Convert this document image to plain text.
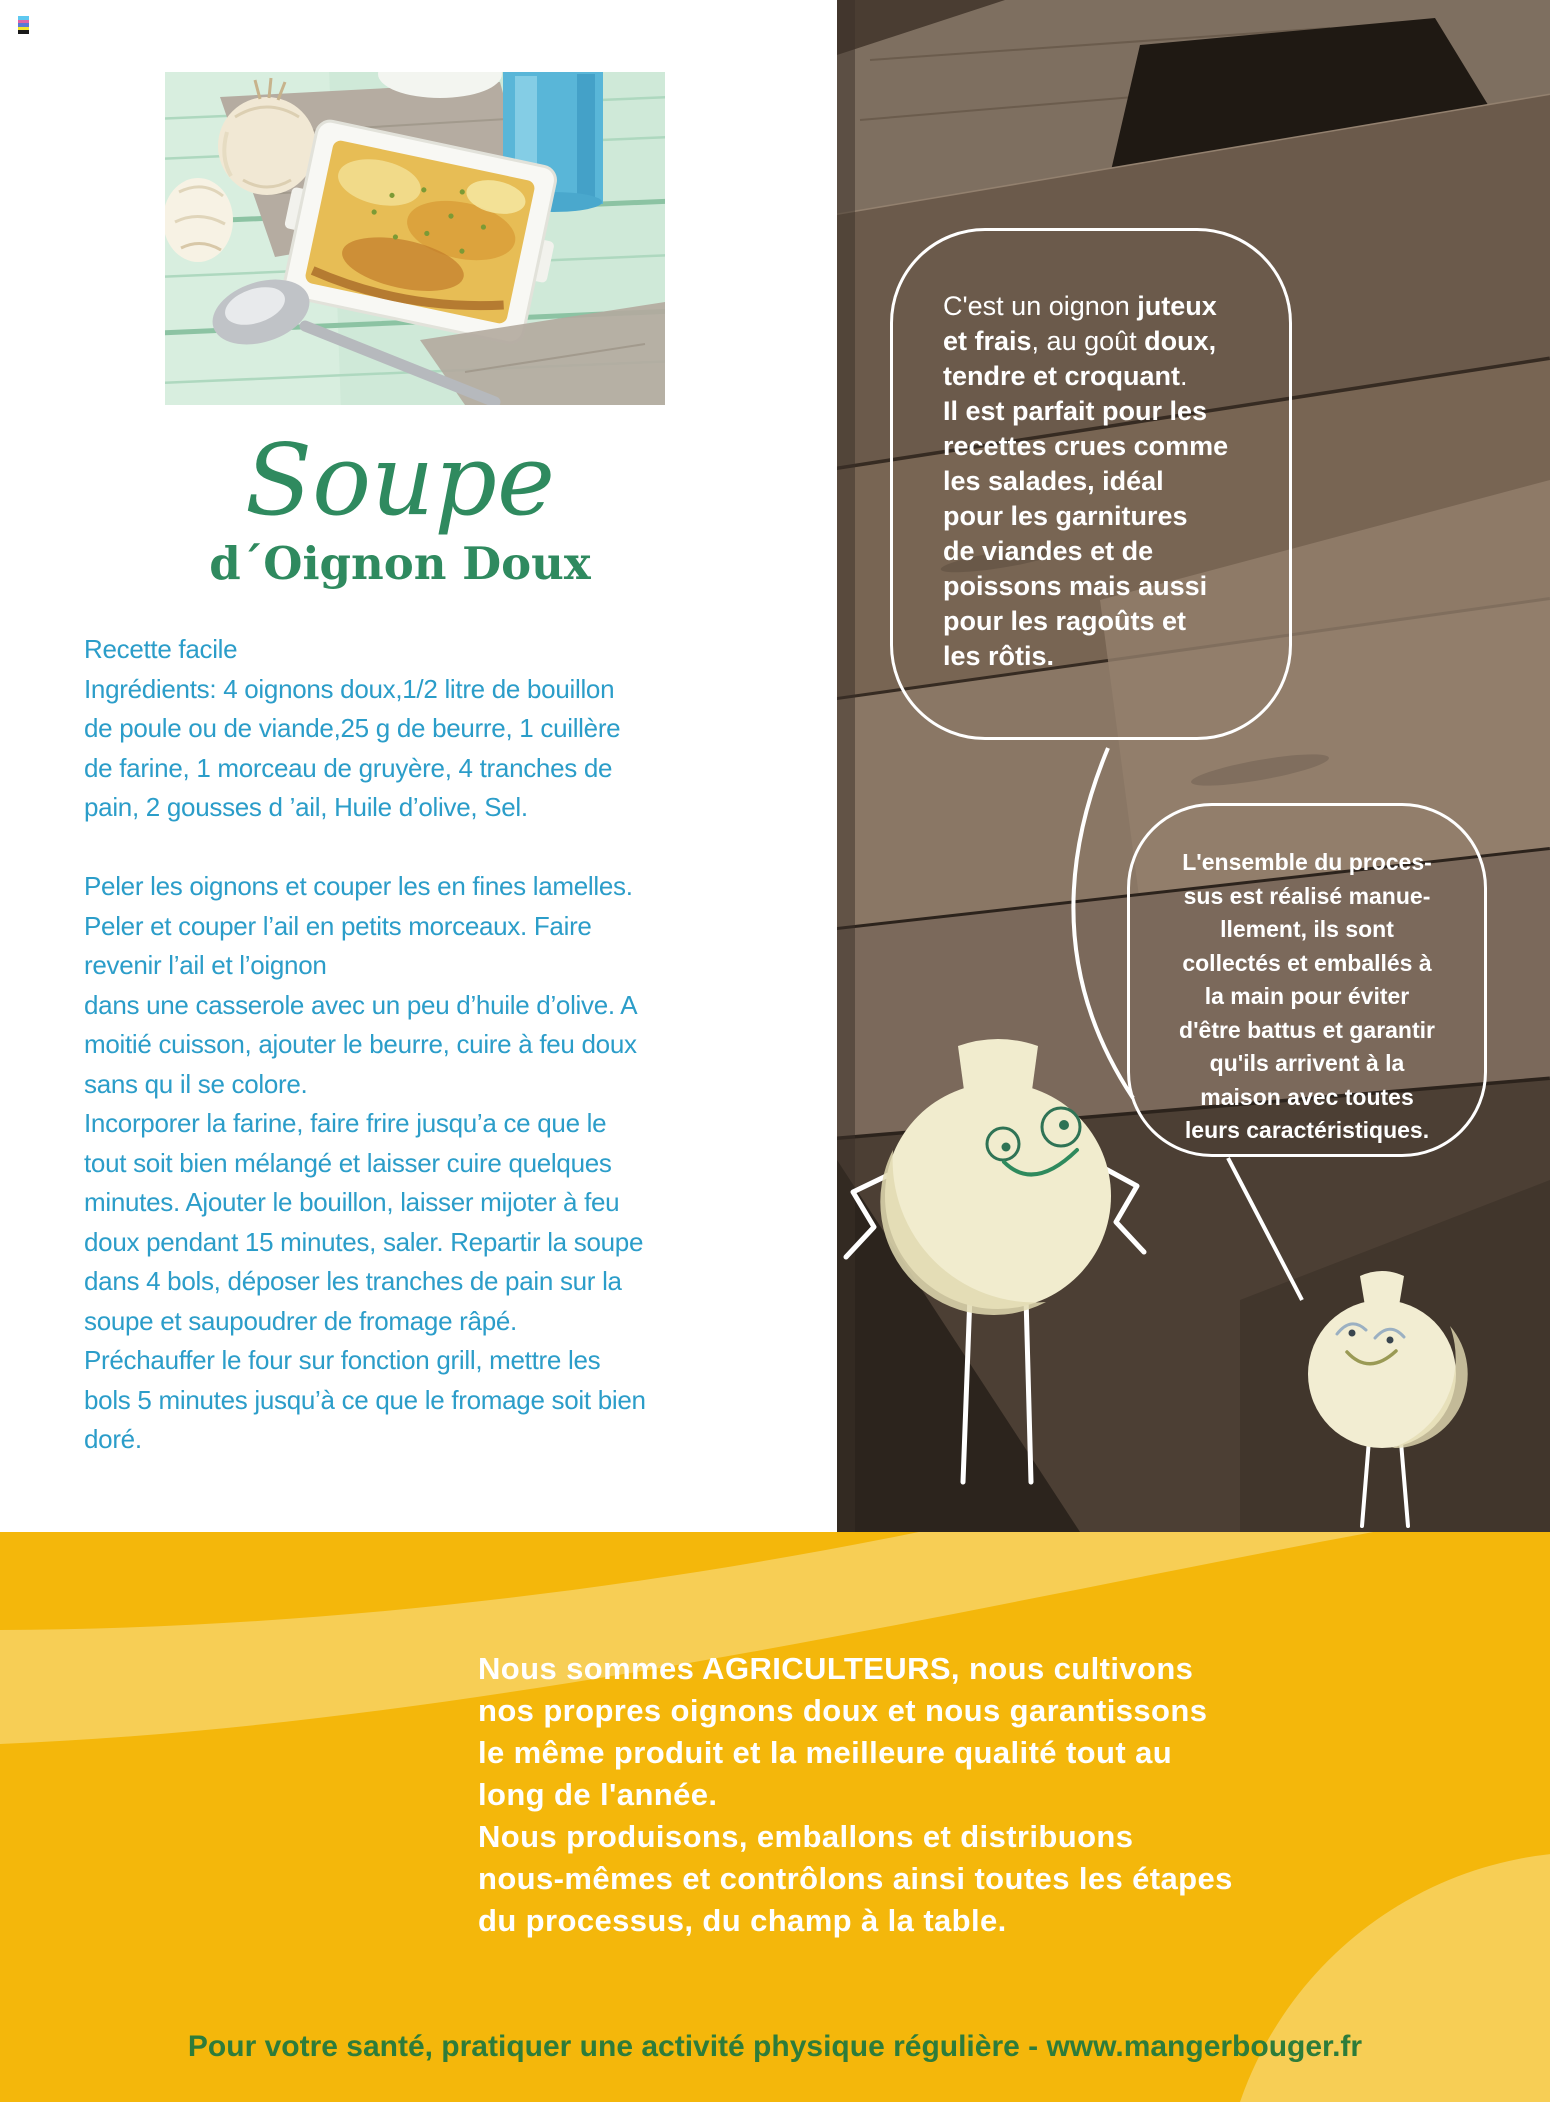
Soupe
d´Oignon Doux
Recette facile
Ingrédients: 4 oignons doux,1/2 litre de bouillon
de poule ou de viande,25 g de beurre, 1 cuillère
de farine, 1 morceau de gruyère, 4 tranches de
pain, 2 gousses d ’ail, Huile d’olive, Sel.

Peler les oignons et couper les en fines lamelles.
Peler et couper l’ail en petits morceaux. Faire
revenir l’ail et l’oignon
dans une casserole avec un peu d’huile d’olive. A
moitié cuisson, ajouter le beurre, cuire à feu doux
sans qu il se colore.
Incorporer la farine, faire frire jusqu’a ce que le
tout soit bien mélangé et laisser cuire quelques
minutes. Ajouter le bouillon, laisser mijoter à feu
doux pendant 15 minutes, saler. Repartir la soupe
dans 4 bols, déposer les tranches de pain sur la
soupe et saupoudrer de fromage râpé.
Préchauffer le four sur fonction grill, mettre les
bols 5 minutes jusqu’à ce que le fromage soit bien
doré.
C'est un oignon juteux
et frais, au goût doux,
tendre et croquant.
Il est parfait pour les
recettes crues comme
les salades, idéal
pour les garnitures
de viandes et de
poissons mais aussi
pour les ragoûts et
les rôtis.
L'ensemble du proces-
sus est réalisé manue-
llement, ils sont
collectés et emballés à
la main pour éviter
d'être battus et garantir
qu'ils arrivent à la
maison avec toutes
leurs caractéristiques.
Nous sommes AGRICULTEURS, nous cultivons
nos propres oignons doux et nous garantissons
le même produit et la meilleure qualité tout au
long de l'année.
Nous produisons, emballons et distribuons
nous-mêmes et contrôlons ainsi toutes les étapes
du processus, du champ à la table.
Pour votre santé, pratiquer une activité physique régulière - www.mangerbouger.fr
